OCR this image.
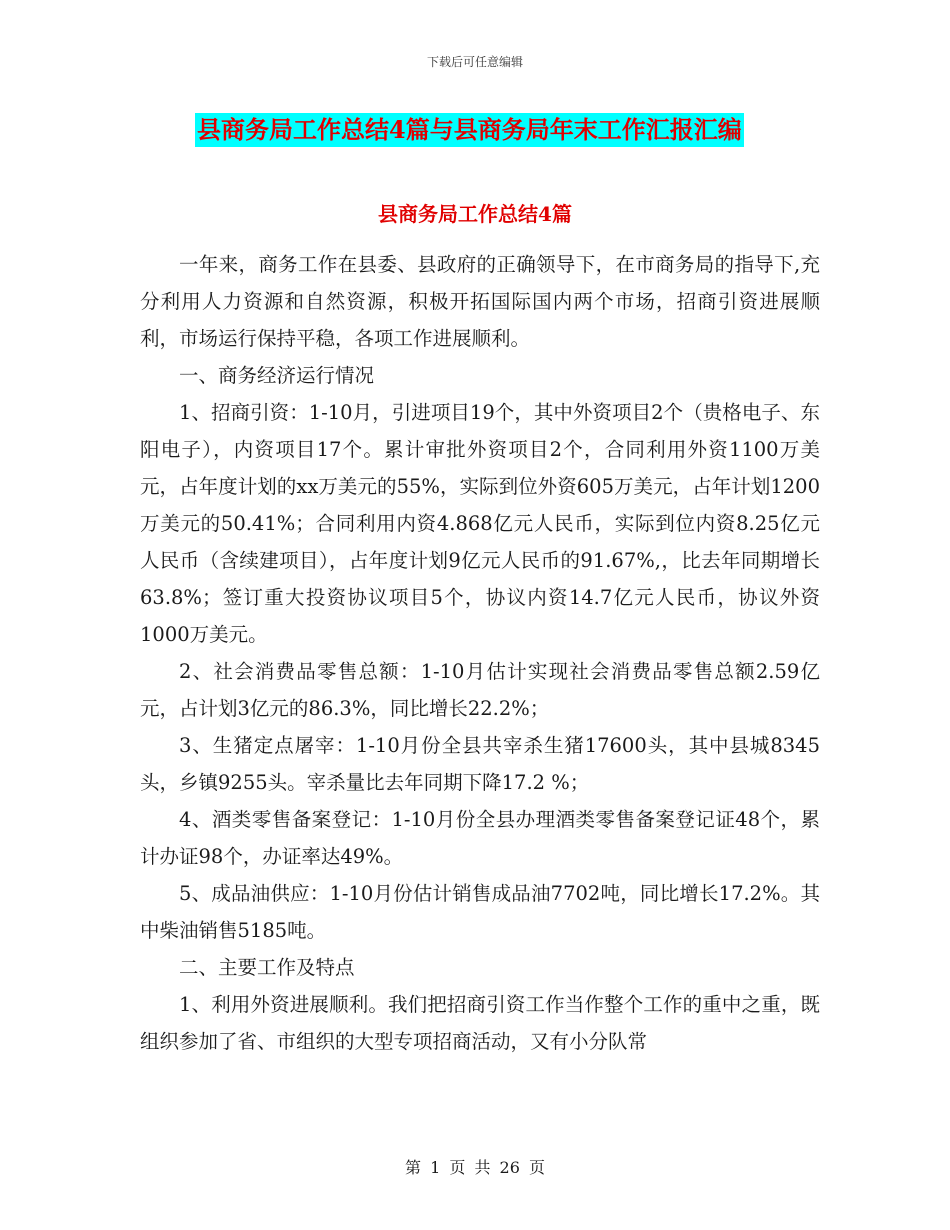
下载后可任意编辑
县商务局工作总结4篇与县商务局年末工作汇报汇编
县商务局工作总结4篇

一年来，商务工作在县委、县政府的正确领导下，在市商务局的指导下,充分利用人力资源和自然资源，积极开拓国际国内两个市场，招商引资进展顺利，市场运行保持平稳，各项工作进展顺利。

一、商务经济运行情况

1、招商引资：1-10月，引进项目19个，其中外资项目2个（贵格电子、东阳电子），内资项目17个。累计审批外资项目2个，合同利用外资1100万美元，占年度计划的xx万美元的55%，实际到位外资605万美元，占年计划1200万美元的50.41%；合同利用内资4.868亿元人民币，实际到位内资8.25亿元人民币（含续建项目），占年度计划9亿元人民币的91.67%,，比去年同期增长63.8%；签订重大投资协议项目5个，协议内资14.7亿元人民币，协议外资1000万美元。

2、社会消费品零售总额：1-10月估计实现社会消费品零售总额2.59亿元，占计划3亿元的86.3%，同比增长22.2%；

3、生猪定点屠宰：1-10月份全县共宰杀生猪17600头，其中县城8345头，乡镇9255头。宰杀量比去年同期下降17.2 %；

4、酒类零售备案登记：1-10月份全县办理酒类零售备案登记证48个，累计办证98个，办证率达49%。

5、成品油供应：1-10月份估计销售成品油7702吨，同比增长17.2%。其中柴油销售5185吨。

二、主要工作及特点

1、利用外资进展顺利。我们把招商引资工作当作整个工作的重中之重，既组织参加了省、市组织的大型专项招商活动，又有小分队常

第 1 页 共 26 页
